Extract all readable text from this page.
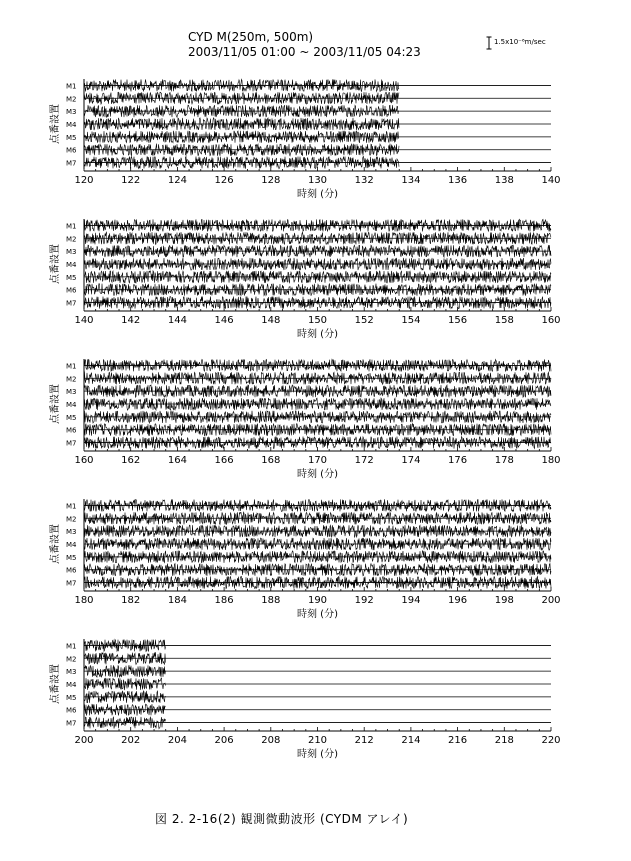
CYD M(250m, 500m)
2003/11/05 01:00 ~ 2003/11/05 04:23
1.5x10⁻⁶m/sec
M1
M2
M3
M4
M5
M6
M7
120	122	124	126	128	130	132	134	136	138	140
時刻 (分)
点番設置
M1
M2
M3
M4
M5
M6
M7
140	142	144	146	148	150	152	154	156	158	160
時刻 (分)
点番設置
M1
M2
M3
M4
M5
M6
M7
160	162	164	166	168	170	172	174	176	178	180
時刻 (分)
点番設置
M1
M2
M3
M4
M5
M6
M7
180	182	184	186	188	190	192	194	196	198	200
時刻 (分)
点番設置
M1
M2
M3
M4
M5
M6
M7
200	202	204	206	208	210	212	214	216	218	220
時刻 (分)
点番設置
図 2. 2-16(2) 観測微動波形 (CYDM アレイ)
